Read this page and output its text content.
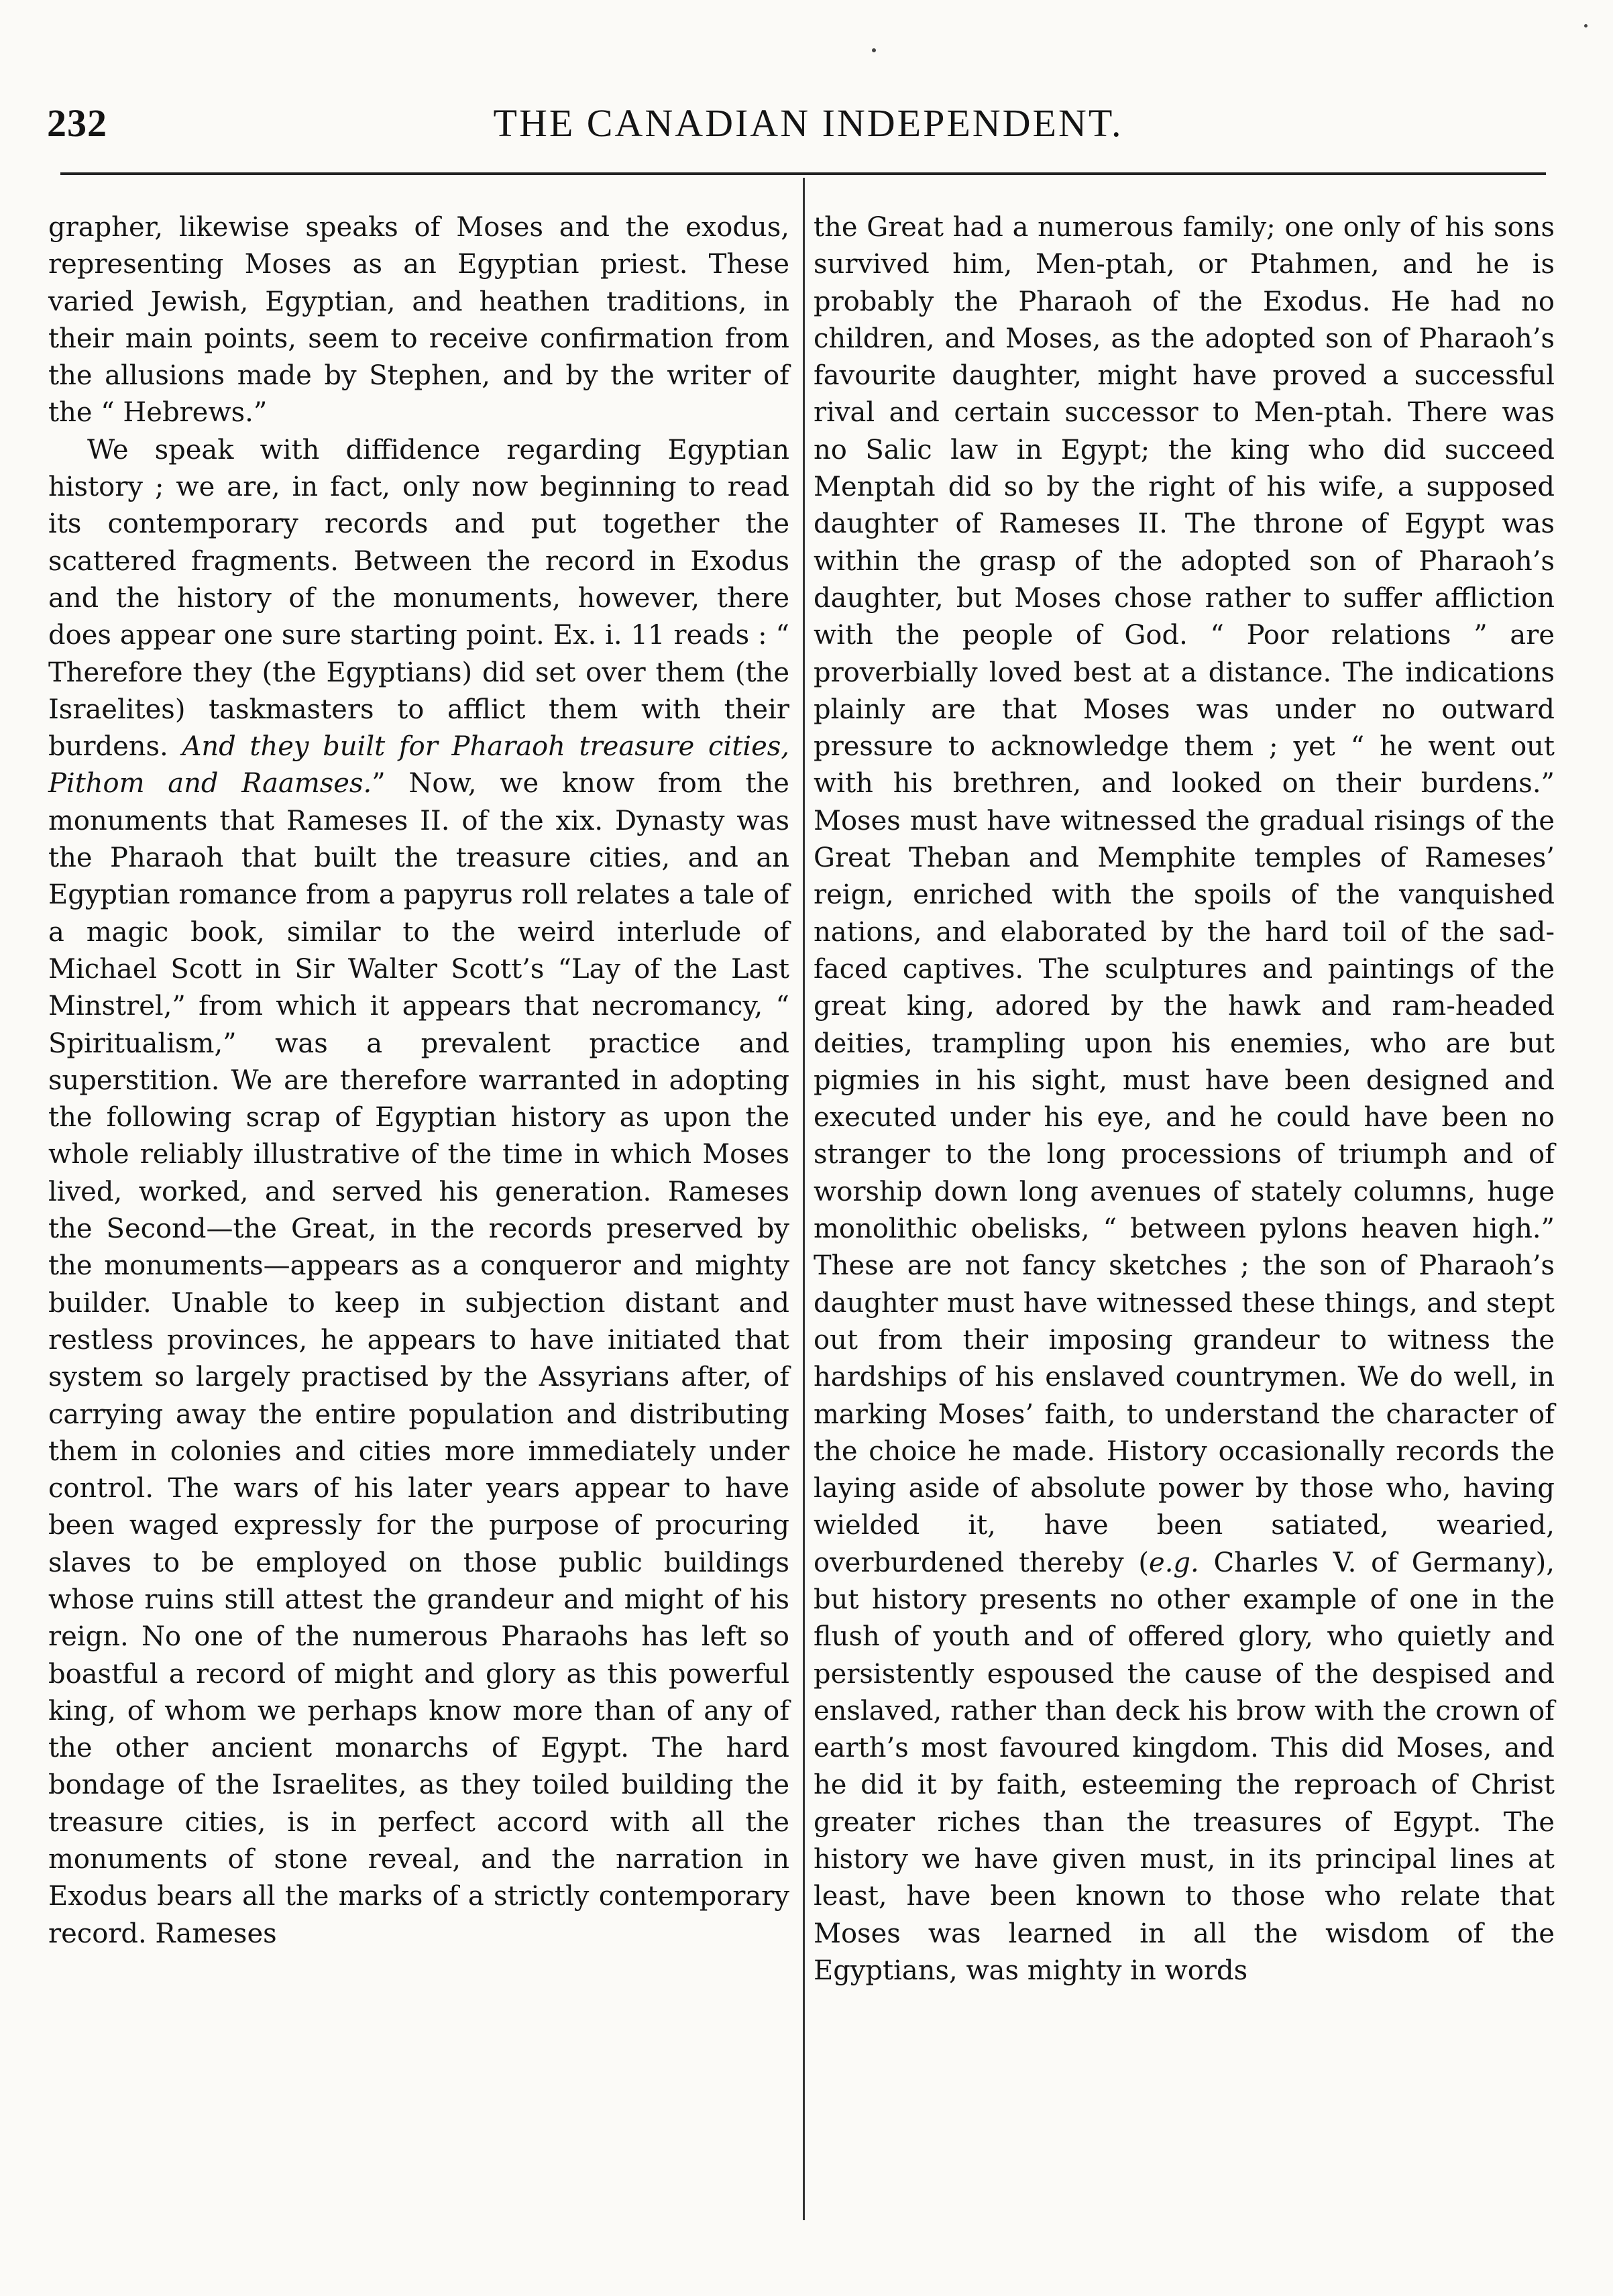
232	THE CANADIAN INDEPENDENT.

grapher, likewise speaks of Moses and the exodus, representing Moses as an Egyptian priest. These varied Jewish, Egyptian, and heathen traditions, in their main points, seem to receive confirmation from the allusions made by Stephen, and by the writer of the “ Hebrews.”

We speak with diffidence regarding Egyptian history ; we are, in fact, only now beginning to read its contemporary records and put together the scattered fragments. Between the record in Exodus and the history of the monuments, however, there does appear one sure starting point. Ex. i. 11 reads : “ Therefore they (the Egyptians) did set over them (the Israelites) taskmasters to afflict them with their burdens. And they built for Pharaoh treasure cities, Pithom and Raamses.” Now, we know from the monuments that Rameses II. of the xix. Dynasty was the Pharaoh that built the treasure cities, and an Egyptian romance from a papyrus roll relates a tale of a magic book, similar to the weird interlude of Michael Scott in Sir Walter Scott’s “Lay of the Last Minstrel,” from which it appears that necromancy, “ Spiritualism,” was a prevalent practice and superstition. We are therefore warranted in adopting the following scrap of Egyptian history as upon the whole reliably illustrative of the time in which Moses lived, worked, and served his generation. Rameses the Second—the Great, in the records preserved by the monuments—appears as a conqueror and mighty builder. Unable to keep in subjection distant and restless provinces, he appears to have initiated that system so largely practised by the Assyrians after, of carrying away the entire population and distributing them in colonies and cities more immediately under control. The wars of his later years appear to have been waged expressly for the purpose of procuring slaves to be employed on those public buildings whose ruins still attest the grandeur and might of his reign. No one of the numerous Pharaohs has left so boastful a record of might and glory as this powerful king, of whom we perhaps know more than of any of the other ancient monarchs of Egypt. The hard bondage of the Israelites, as they toiled building the treasure cities, is in perfect accord with all the monuments of stone reveal, and the narration in Exodus bears all the marks of a strictly contemporary record. Rameses

the Great had a numerous family; one only of his sons survived him, Men-ptah, or Ptahmen, and he is probably the Pharaoh of the Exodus. He had no children, and Moses, as the adopted son of Pharaoh’s favourite daughter, might have proved a successful rival and certain successor to Men-ptah. There was no Salic law in Egypt; the king who did succeed Menptah did so by the right of his wife, a supposed daughter of Rameses II. The throne of Egypt was within the grasp of the adopted son of Pharaoh’s daughter, but Moses chose rather to suffer affliction with the people of God. “ Poor relations ” are proverbially loved best at a distance. The indications plainly are that Moses was under no outward pressure to acknowledge them ; yet “ he went out with his brethren, and looked on their burdens.” Moses must have witnessed the gradual risings of the Great Theban and Memphite temples of Rameses’ reign, enriched with the spoils of the vanquished nations, and elaborated by the hard toil of the sad-faced captives. The sculptures and paintings of the great king, adored by the hawk and ram-headed deities, trampling upon his enemies, who are but pigmies in his sight, must have been designed and executed under his eye, and he could have been no stranger to the long processions of triumph and of worship down long avenues of stately columns, huge monolithic obelisks, “ between pylons heaven high.” These are not fancy sketches ; the son of Pharaoh’s daughter must have witnessed these things, and stept out from their imposing grandeur to witness the hardships of his enslaved countrymen. We do well, in marking Moses’ faith, to understand the character of the choice he made. History occasionally records the laying aside of absolute power by those who, having wielded it, have been satiated, wearied, overburdened thereby (e.g. Charles V. of Germany), but history presents no other example of one in the flush of youth and of offered glory, who quietly and persistently espoused the cause of the despised and enslaved, rather than deck his brow with the crown of earth’s most favoured kingdom. This did Moses, and he did it by faith, esteeming the reproach of Christ greater riches than the treasures of Egypt. The history we have given must, in its principal lines at least, have been known to those who relate that Moses was learned in all the wisdom of the Egyptians, was mighty in words
